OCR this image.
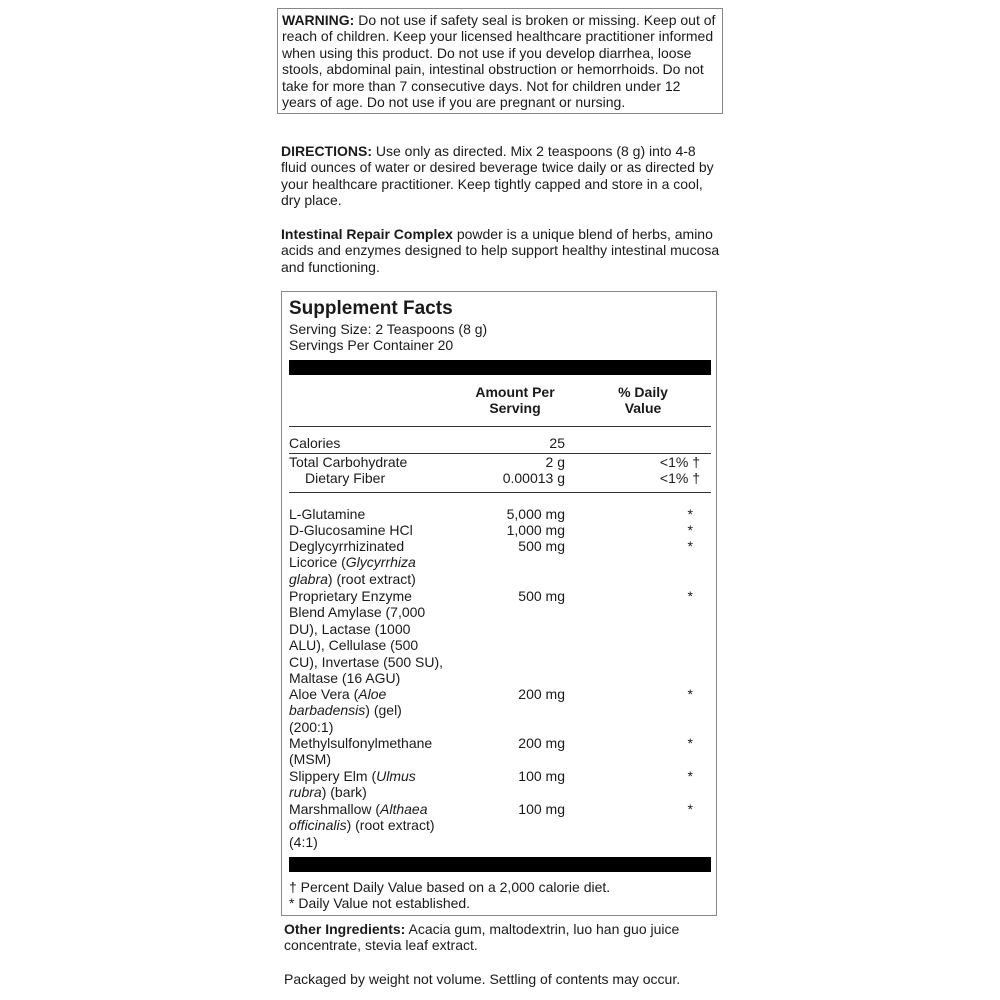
WARNING: Do not use if safety seal is broken or missing. Keep out of reach of children. Keep your licensed healthcare practitioner informed when using this product. Do not use if you develop diarrhea, loose stools, abdominal pain, intestinal obstruction or hemorrhoids. Do not take for more than 7 consecutive days. Not for children under 12 years of age. Do not use if you are pregnant or nursing.
DIRECTIONS: Use only as directed. Mix 2 teaspoons (8 g) into 4-8 fluid ounces of water or desired beverage twice daily or as directed by your healthcare practitioner. Keep tightly capped and store in a cool, dry place.
Intestinal Repair Complex powder is a unique blend of herbs, amino acids and enzymes designed to help support healthy intestinal mucosa and functioning.
Supplement Facts
Serving Size: 2 Teaspoons (8 g)
Servings Per Container 20
Amount Per
Serving
% Daily
Value
Calories	25
Total Carbohydrate	2 g	<1% †
Dietary Fiber	0.00013 g	<1% †
L-Glutamine	5,000 mg	*
D-Glucosamine HCl	1,000 mg	*
Deglycyrrhizinated
Licorice (Glycyrrhiza
glabra) (root extract)
500 mg	*
Proprietary Enzyme
Blend Amylase (7,000
DU), Lactase (1000
ALU), Cellulase (500
CU), Invertase (500 SU),
Maltase (16 AGU)
500 mg	*
Aloe Vera (Aloe
barbadensis) (gel)
(200:1)
200 mg	*
Methylsulfonylmethane
(MSM)
200 mg	*
Slippery Elm (Ulmus
rubra) (bark)
100 mg	*
Marshmallow (Althaea
officinalis) (root extract)
(4:1)
100 mg	*
† Percent Daily Value based on a 2,000 calorie diet.
* Daily Value not established.
Other Ingredients: Acacia gum, maltodextrin, luo han guo juice concentrate, stevia leaf extract.
Packaged by weight not volume. Settling of contents may occur.
